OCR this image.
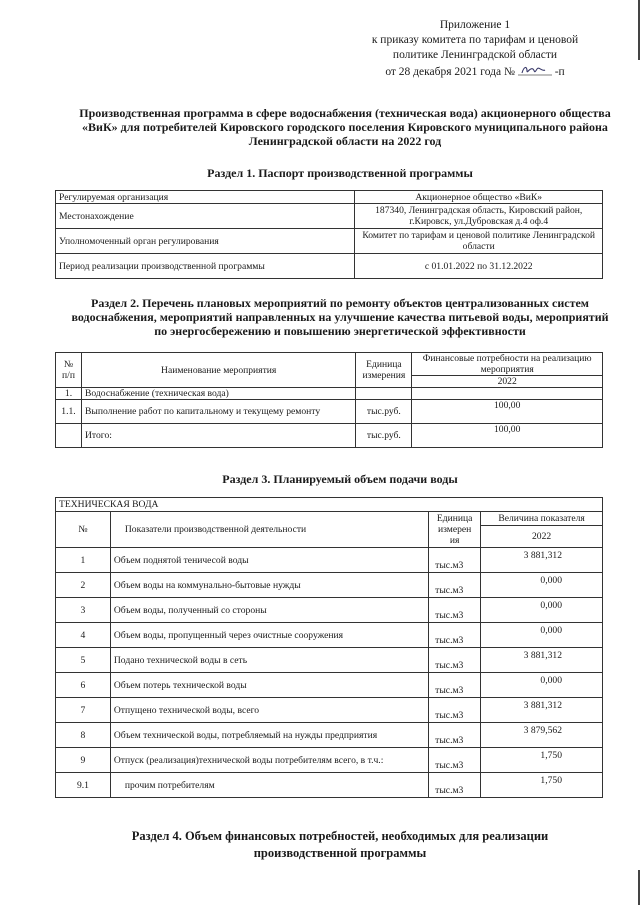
Приложение 1
к приказу комитета по тарифам и ценовой
политике Ленинградской области
от 28 декабря 2021 года №	-п
Производственная программа в сфере водоснабжения (техническая вода) акционерного общества «ВиК» для потребителей Кировского городского поселения Кировского муниципального района Ленинградской области на 2022 год
Раздел 1. Паспорт производственной программы
Регулируемая организация	Акционерное общество «ВиК»
Местонахождение	187340, Ленинградская область, Кировский район, г.Кировск, ул.Дубровская д.4 оф.4
Уполномоченный орган регулирования	Комитет по тарифам и ценовой политике Ленинградской области
Период реализации производственной программы	с 01.01.2022 по 31.12.2022
Раздел 2. Перечень плановых мероприятий по ремонту объектов централизованных систем водоснабжения, мероприятий направленных на улучшение качества питьевой воды, мероприятий по энергосбережению и повышению энергетической эффективности
№ п/п	Наименование мероприятия	Единица измерения	Финансовые потребности на реализацию мероприятия
			2022
1.	Водоснабжение (техническая вода)		
1.1.	Выполнение работ по капитальному и текущему ремонту	тыс.руб.	100,00
	Итого:	тыс.руб.	100,00
Раздел 3. Планируемый объем подачи воды
ТЕХНИЧЕСКАЯ ВОДА			
№	Показатели производственной деятельности	Единица измерен ия	Величина показателя
			2022
1	Объем поднятой теничесой воды	тыс.м3	3 881,312
2	Объем воды на коммунально-бытовые нужды	тыс.м3	0,000
3	Объем воды, полученный со стороны	тыс.м3	0,000
4	Объем воды, пропущенный через очистные сооружения	тыс.м3	0,000
5	Подано технической воды в сеть	тыс.м3	3 881,312
6	Объем потерь технической воды	тыс.м3	0,000
7	Отпущено технической воды, всего	тыс.м3	3 881,312
8	Объем технической воды, потребляемый на нужды предприятия	тыс.м3	3 879,562
9	Отпуск (реализация)технической воды потребителям всего, в т.ч.:	тыс.м3	1,750
9.1	прочим потребителям	тыс.м3	1,750
Раздел 4. Объем финансовых потребностей, необходимых для реализации производственной программы
